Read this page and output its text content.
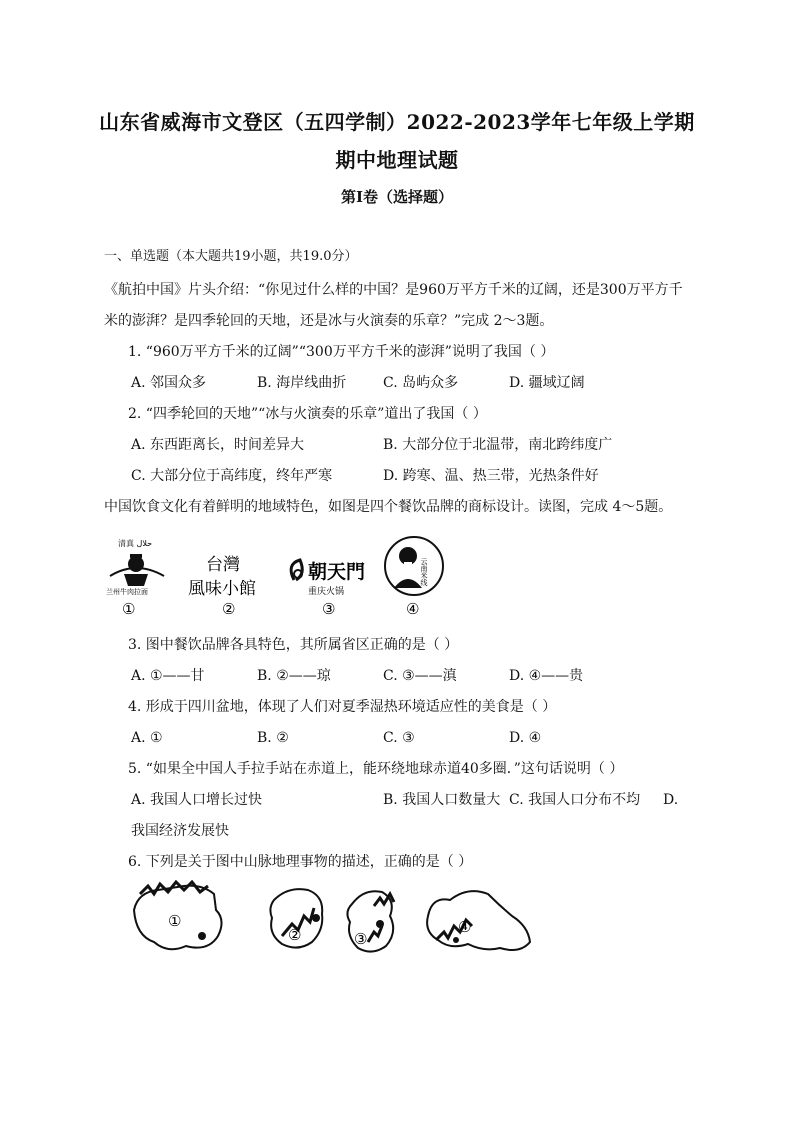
山东省威海市文登区（五四学制）2022-2023学年七年级上学期
期中地理试题
第Ⅰ卷（选择题）
一、单选题（本大题共19小题，共19.0分）
《航拍中国》片头介绍：“你见过什么样的中国？是960万平方千米的辽阔，还是300万平方千
米的澎湃？是四季轮回的天地，还是冰与火演奏的乐章？”完成 2～3题。
1. “960万平方千米的辽阔”“300万平方千米的澎湃”说明了我国（ ）
A. 邻国众多	B. 海岸线曲折	C. 岛屿众多	D. 疆域辽阔
2. “四季轮回的天地”“冰与火演奏的乐章”道出了我国（ ）
A. 东西距离长，时间差异大	B. 大部分位于北温带，南北跨纬度广
C. 大部分位于高纬度，终年严寒	D. 跨寒、温、热三带，光热条件好
中国饮食文化有着鲜明的地域特色，如图是四个餐饮品牌的商标设计。读图，完成 4～5题。
清真 ﺣﻼﻝ
兰州牛肉拉面
①
台灣
風味小館
②
朝天門
重庆火锅
③
云南米线
④
3. 图中餐饮品牌各具特色，其所属省区正确的是（ ）
A. ①——甘	B. ②——琼	C. ③——滇	D. ④——贵
4. 形成于四川盆地，体现了人们对夏季湿热环境适应性的美食是（ ）
A. ①	B. ②	C. ③	D. ④
5. “如果全中国人手拉手站在赤道上，能环绕地球赤道40多圈．”这句话说明（ ）
A. 我国人口增长过快	B. 我国人口数量大 C. 我国人口分布不均 D.
我国经济发展快
6. 下列是关于图中山脉地理事物的描述，正确的是（ ）
①
②	③
④
